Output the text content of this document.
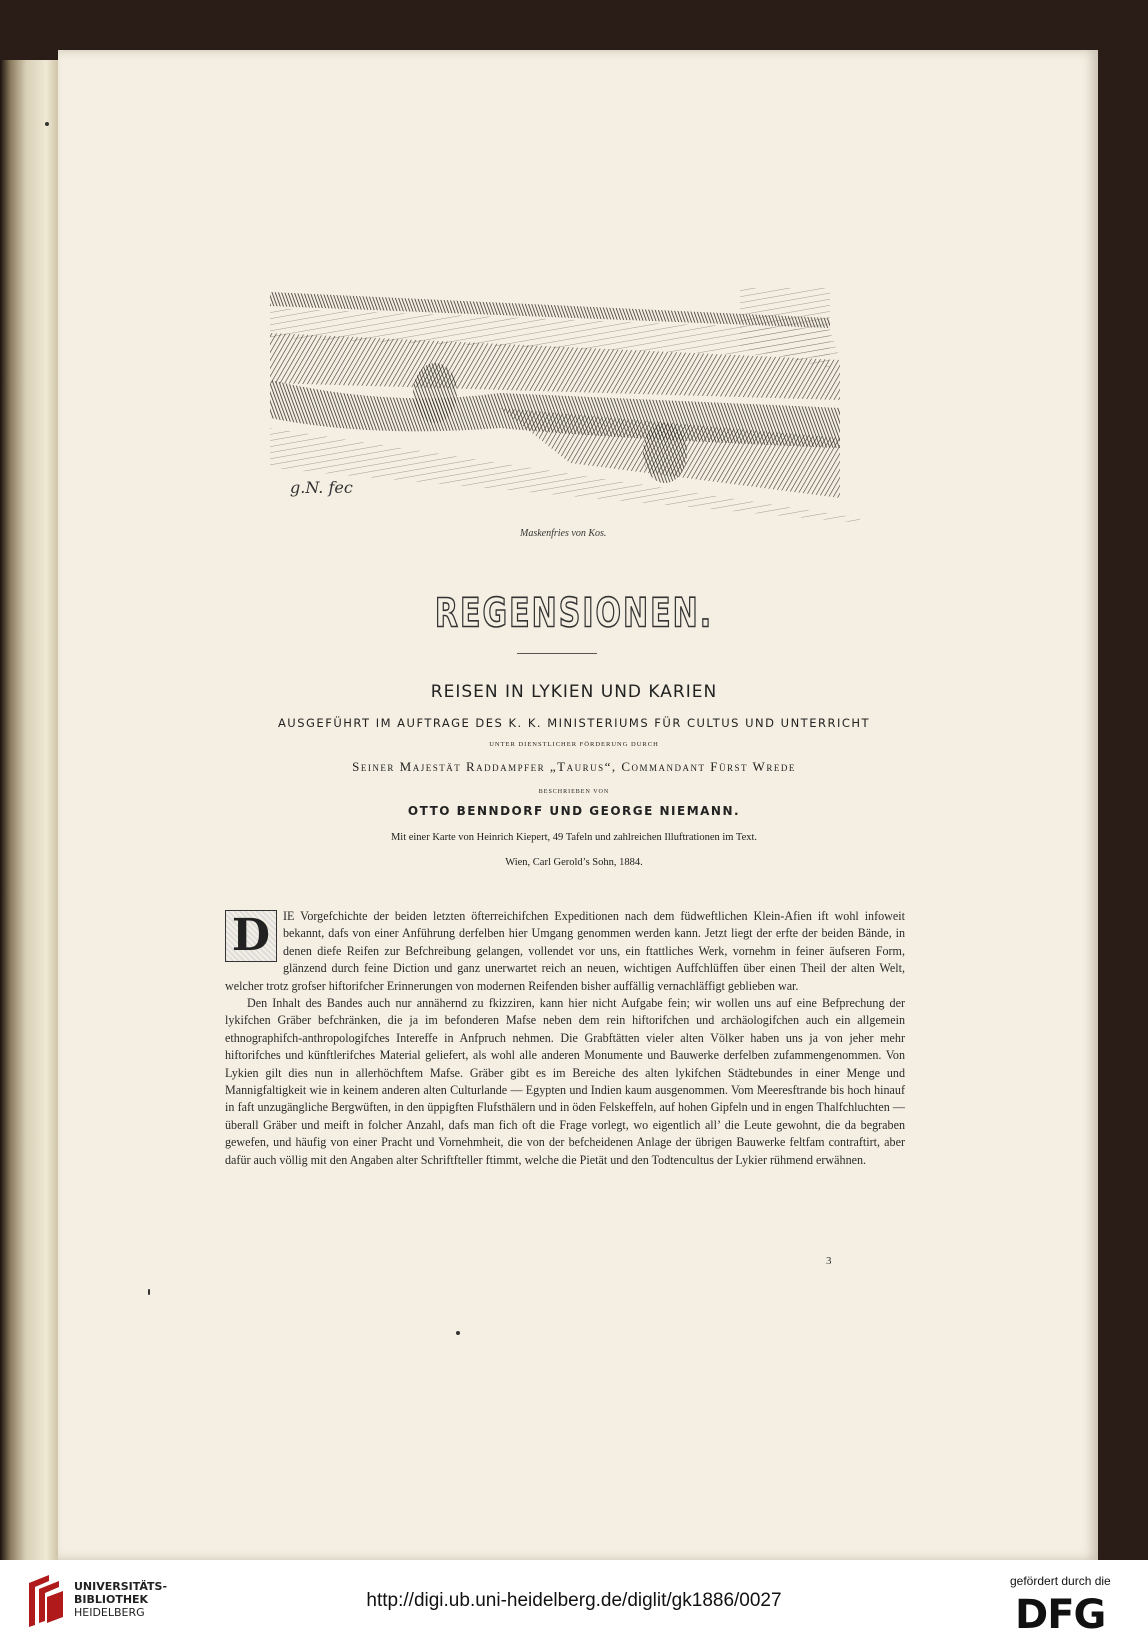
g.N. fec
Maskenfries von Kos.
REGENSIONEN.
REISEN IN LYKIEN UND KARIEN
AUSGEFÜHRT IM AUFTRAGE DES K. K. MINISTERIUMS FÜR CULTUS UND UNTERRICHT
UNTER DIENSTLICHER FÖRDERUNG DURCH
Seiner Majestät Raddampfer „Taurus“, Commandant Fürst Wrede
BESCHRIEBEN VON
OTTO BENNDORF UND GEORGE NIEMANN.
Mit einer Karte von Heinrich Kiepert, 49 Tafeln und zahlreichen Illuftrationen im Text.
Wien, Carl Gerold’s Sohn, 1884.

D	IE Vorgefchichte der beiden letzten öfterreichifchen Expeditionen nach dem füdweftlichen Klein-Afien ift wohl infoweit bekannt, dafs von einer Anführung derfelben hier Umgang genommen werden kann. Jetzt liegt der erfte der beiden Bände, in denen diefe Reifen zur Befchreibung gelangen, vollendet vor uns, ein ftattliches Werk, vornehm in feiner äufseren Form, glänzend durch feine Diction und ganz unerwartet reich an neuen, wichtigen Auffchlüffen über einen Theil der alten Welt, welcher trotz grofser hiftorifcher Erinnerungen von modernen Reifenden bisher auffällig vernachläffigt geblieben war.

Den Inhalt des Bandes auch nur annähernd zu fkizziren, kann hier nicht Aufgabe fein; wir wollen uns auf eine Befprechung der lykifchen Gräber befchränken, die ja im befonderen Mafse neben dem rein hiftorifchen und archäologifchen auch ein allgemein ethnographifch-anthropologifches Intereffe in Anfpruch nehmen. Die Grabftätten vieler alten Völker haben uns ja von jeher mehr hiftorifches und künftlerifches Material geliefert, als wohl alle anderen Monumente und Bauwerke derfelben zufammengenommen. Von Lykien gilt dies nun in allerhöchftem Mafse. Gräber gibt es im Bereiche des alten lykifchen Städtebundes in einer Menge und Mannigfaltigkeit wie in keinem anderen alten Culturlande — Egypten und Indien kaum ausgenommen. Vom Meeresftrande bis hoch hinauf in faft unzugängliche Bergwüften, in den üppigften Flufsthälern und in öden Felskeffeln, auf hohen Gipfeln und in engen Thalfchluchten — überall Gräber und meift in folcher Anzahl, dafs man fich oft die Frage vorlegt, wo eigentlich all’ die Leute gewohnt, die da begraben gewefen, und häufig von einer Pracht und Vornehmheit, die von der befcheidenen Anlage der übrigen Bauwerke feltfam contraftirt, aber dafür auch völlig mit den Angaben alter Schriftfteller ftimmt, welche die Pietät und den Todtencultus der Lykier rühmend erwähnen.

3
UNIVERSITÄTS-
BIBLIOTHEK
HEIDELBERG
http://digi.ub.uni-heidelberg.de/diglit/gk1886/0027
gefördert durch die
DFG
